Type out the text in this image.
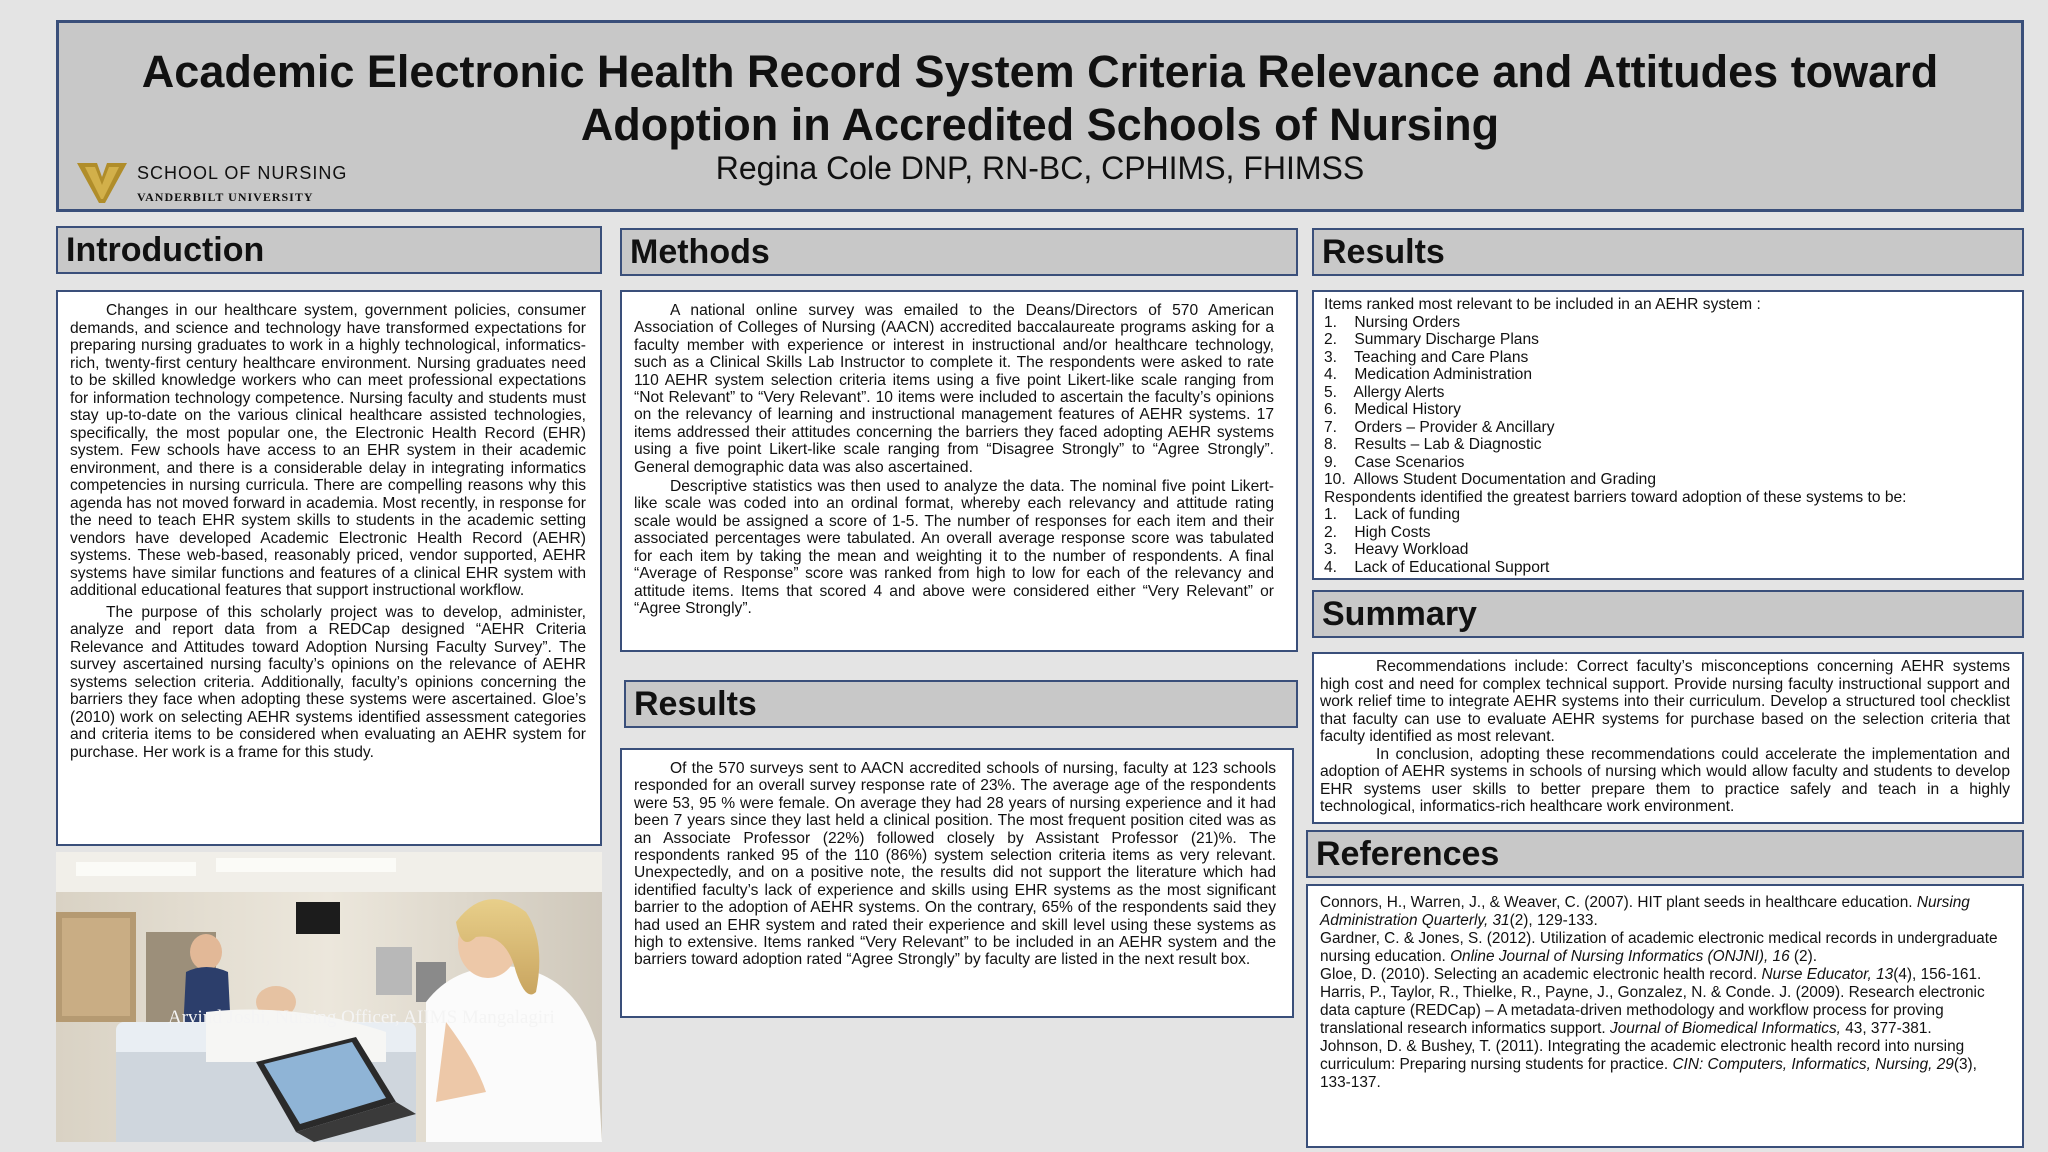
Academic Electronic Health Record System Criteria Relevance and Attitudes toward Adoption in Accredited Schools of Nursing
Regina Cole DNP, RN-BC, CPHIMS, FHIMSS
SCHOOL OF NURSING
VANDERBILT UNIVERSITY
Introduction

Changes in our healthcare system, government policies, consumer demands, and science and technology have transformed expectations for preparing nursing graduates to work in a highly technological, informatics-rich, twenty-first century healthcare environment. Nursing graduates need to be skilled knowledge workers who can meet professional expectations for information technology competence. Nursing faculty and students must stay up-to-date on the various clinical healthcare assisted technologies, specifically, the most popular one, the Electronic Health Record (EHR) system. Few schools have access to an EHR system in their academic environment, and there is a considerable delay in integrating informatics competencies in nursing curricula. There are compelling reasons why this agenda has not moved forward in academia. Most recently, in response for the need to teach EHR system skills to students in the academic setting vendors have developed Academic Electronic Health Record (AEHR) systems. These web-based, reasonably priced, vendor supported, AEHR systems have similar functions and features of a clinical EHR system with additional educational features that support instructional workflow.

The purpose of this scholarly project was to develop, administer, analyze and report data from a REDCap designed “AEHR Criteria Relevance and Attitudes toward Adoption Nursing Faculty Survey”. The survey ascertained nursing faculty’s opinions on the relevance of AEHR systems selection criteria. Additionally, faculty’s opinions concerning the barriers they face when adopting these systems were ascertained. Gloe’s (2010) work on selecting AEHR systems identified assessment categories and criteria items to be considered when evaluating an AEHR system for purchase. Her work is a frame for this study.

Arvind Joshi, Nursing Officer, AIIMS Mangalagiri
Methods

A national online survey was emailed to the Deans/Directors of 570 American Association of Colleges of Nursing (AACN) accredited baccalaureate programs asking for a faculty member with experience or interest in instructional and/or healthcare technology, such as a Clinical Skills Lab Instructor to complete it. The respondents were asked to rate 110 AEHR system selection criteria items using a five point Likert-like scale ranging from “Not Relevant” to “Very Relevant”. 10 items were included to ascertain the faculty’s opinions on the relevancy of learning and instructional management features of AEHR systems. 17 items addressed their attitudes concerning the barriers they faced adopting AEHR systems using a five point Likert-like scale ranging from “Disagree Strongly” to “Agree Strongly”. General demographic data was also ascertained.

Descriptive statistics was then used to analyze the data. The nominal five point Likert-like scale was coded into an ordinal format, whereby each relevancy and attitude rating scale would be assigned a score of 1-5. The number of responses for each item and their associated percentages were tabulated. An overall average response score was tabulated for each item by taking the mean and weighting it to the number of respondents. A final “Average of Response” score was ranked from high to low for each of the relevancy and attitude items. Items that scored 4 and above were considered either “Very Relevant” or “Agree Strongly”.

Results

Of the 570 surveys sent to AACN accredited schools of nursing, faculty at 123 schools responded for an overall survey response rate of 23%. The average age of the respondents were 53, 95 % were female. On average they had 28 years of nursing experience and it had been 7 years since they last held a clinical position. The most frequent position cited was as an Associate Professor (22%) followed closely by Assistant Professor (21)%. The respondents ranked 95 of the 110 (86%) system selection criteria items as very relevant. Unexpectedly, and on a positive note, the results did not support the literature which had identified faculty’s lack of experience and skills using EHR systems as the most significant barrier to the adoption of AEHR systems. On the contrary, 65% of the respondents said they had used an EHR system and rated their experience and skill level using these systems as high to extensive. Items ranked “Very Relevant” to be included in an AEHR system and the barriers toward adoption rated “Agree Strongly” by faculty are listed in the next result box.

Results

Items ranked most relevant to be included in an AEHR system :

1.    Nursing Orders

2.    Summary Discharge Plans

3.    Teaching and Care Plans

4.    Medication Administration

5.    Allergy Alerts

6.    Medical History

7.    Orders – Provider & Ancillary

8.    Results – Lab & Diagnostic

9.    Case Scenarios

10.  Allows Student Documentation and Grading

Respondents identified the greatest barriers toward adoption of these systems to be:

1.    Lack of funding

2.    High Costs

3.    Heavy Workload

4.    Lack of Educational Support

Summary

Recommendations include: Correct faculty’s misconceptions concerning AEHR systems high cost and need for complex technical support. Provide nursing faculty instructional support and work relief time to integrate AEHR systems into their curriculum. Develop a structured tool checklist that faculty can use to evaluate AEHR systems for purchase based on the selection criteria that faculty identified as most relevant.

In conclusion, adopting these recommendations could accelerate the implementation and adoption of AEHR systems in schools of nursing which would allow faculty and students to develop EHR systems user skills to better prepare them to practice safely and teach in a highly technological, informatics-rich healthcare work environment.

References

Connors, H., Warren, J., & Weaver, C. (2007). HIT plant seeds in healthcare education. Nursing Administration Quarterly, 31(2), 129-133.

Gardner, C. & Jones, S. (2012). Utilization of academic electronic medical records in undergraduate nursing education. Online Journal of Nursing Informatics (ONJNI), 16 (2).

Gloe, D. (2010). Selecting an academic electronic health record. Nurse Educator, 13(4), 156-161.

Harris, P., Taylor, R., Thielke, R., Payne, J., Gonzalez, N. & Conde. J. (2009). Research electronic data capture (REDCap) – A metadata-driven methodology and workflow process for proving translational research informatics support. Journal of Biomedical Informatics, 43, 377-381.

Johnson, D. & Bushey, T. (2011). Integrating the academic electronic health record into nursing curriculum: Preparing nursing students for practice. CIN: Computers, Informatics, Nursing, 29(3), 133-137.
